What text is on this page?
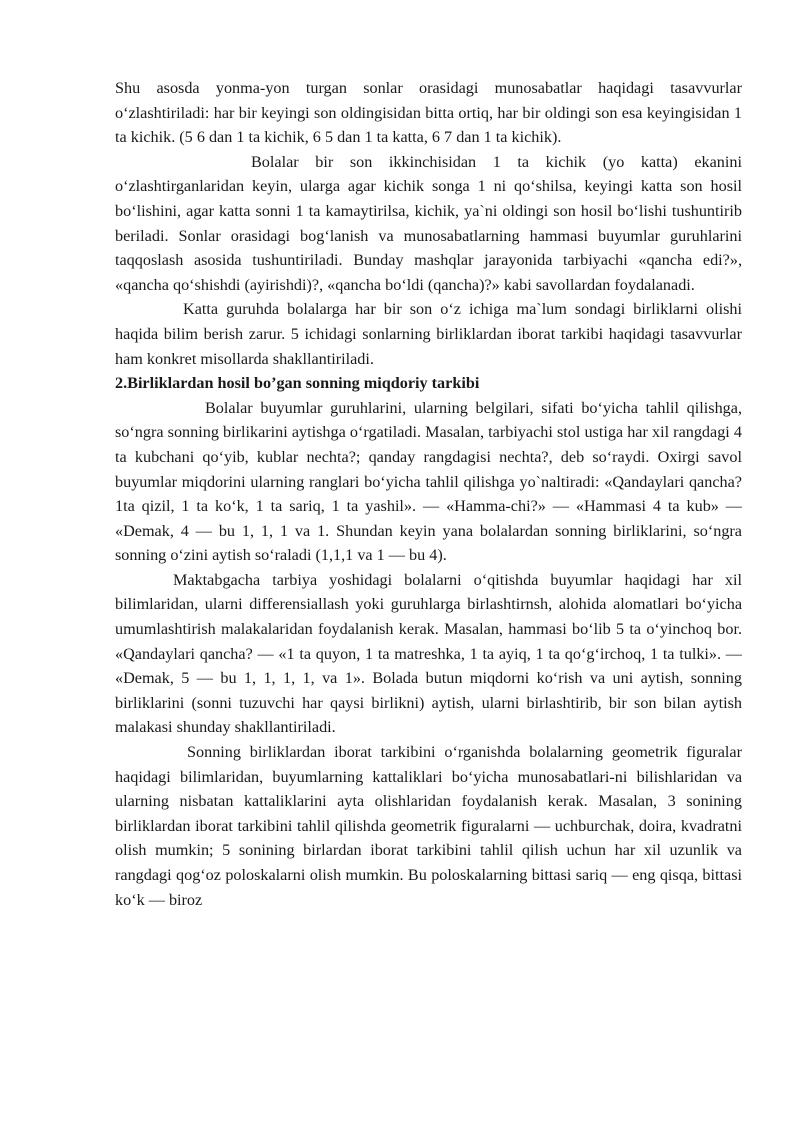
Shu asosda yonma-yon turgan sonlar orasidagi munosabatlar haqidagi tasavvurlar o‘zlashtiriladi: har bir keyingi son oldingisidan bitta ortiq, har bir oldingi son esa keyingisidan 1 ta kichik. (5 6 dan 1 ta kichik, 6 5 dan 1 ta katta, 6 7 dan 1 ta kichik).

Bolalar bir son ikkinchisidan 1 ta kichik (yo katta) ekanini o‘zlashtirganlaridan keyin, ularga agar kichik songa 1 ni qo‘shilsa, keyingi katta son hosil bo‘lishini, agar katta sonni 1 ta kamaytirilsa, kichik, ya`ni oldingi son hosil bo‘lishi tushuntirib beriladi. Sonlar orasidagi bog‘lanish va munosabatlarning hammasi buyumlar guruhlarini taqqoslash asosida tushuntiriladi. Bunday mashqlar jarayonida tarbiyachi «qancha edi?», «qancha qo‘shishdi (ayirishdi)?, «qancha bo‘ldi (qancha)?» kabi savollardan foydalanadi.

Katta guruhda bolalarga har bir son o‘z ichiga ma`lum sondagi birliklarni olishi haqida bilim berish zarur. 5 ichidagi sonlarning birliklardan iborat tarkibi haqidagi tasavvurlar ham konkret misollarda shakllantiriladi.

2.Birliklardan hosil bo’gan sonning miqdoriy tarkibi

Bolalar buyumlar guruhlarini, ularning belgilari, sifati bo‘yicha tahlil qilishga, so‘ngra sonning birlikarini aytishga o‘rgatiladi. Masalan, tarbiyachi stol ustiga har xil rangdagi 4 ta kubchani qo‘yib, kublar nechta?; qanday rangdagisi nechta?, deb so‘raydi. Oxirgi savol buyumlar miqdorini ularning ranglari bo‘yicha tahlil qilishga yo`naltiradi: «Qandaylari qancha? 1ta qizil, 1 ta ko‘k, 1 ta sariq, 1 ta yashil». — «Hamma-chi?» — «Hammasi 4 ta kub» — «Demak, 4 — bu 1, 1, 1 va 1. Shundan keyin yana bolalardan sonning birliklarini, so‘ngra sonning o‘zini aytish so‘raladi (1,1,1 va 1 — bu 4).

Maktabgacha tarbiya yoshidagi bolalarni o‘qitishda buyumlar haqidagi har xil bilimlaridan, ularni differensiallash yoki guruhlarga birlashtirnsh, alohida alomatlari bo‘yicha umumlashtirish malakalaridan foydalanish kerak. Masalan, hammasi bo‘lib 5 ta o‘yinchoq bor. «Qandaylari qancha? — «1 ta quyon, 1 ta matreshka, 1 ta ayiq, 1 ta qo‘g‘irchoq, 1 ta tulki». — «Demak, 5 — bu 1, 1, 1, 1, va 1». Bolada butun miqdorni ko‘rish va uni aytish, sonning birliklarini (sonni tuzuvchi har qaysi birlikni) aytish, ularni birlashtirib, bir son bilan aytish malakasi shunday shakllantiriladi.

Sonning birliklardan iborat tarkibini o‘rganishda bolalarning geometrik figuralar haqidagi bilimlaridan, buyumlarning kattaliklari bo‘yicha munosabatlari-ni bilishlaridan va ularning nisbatan kattaliklarini ayta olishlaridan foydalanish kerak. Masalan, 3 sonining birliklardan iborat tarkibini tahlil qilishda geometrik figuralarni — uchburchak, doira, kvadratni olish mumkin; 5 sonining birlardan iborat tarkibini tahlil qilish uchun har xil uzunlik va rangdagi qog‘oz poloskalarni olish mumkin. Bu poloskalarning bittasi sariq — eng qisqa, bittasi ko‘k — biroz
